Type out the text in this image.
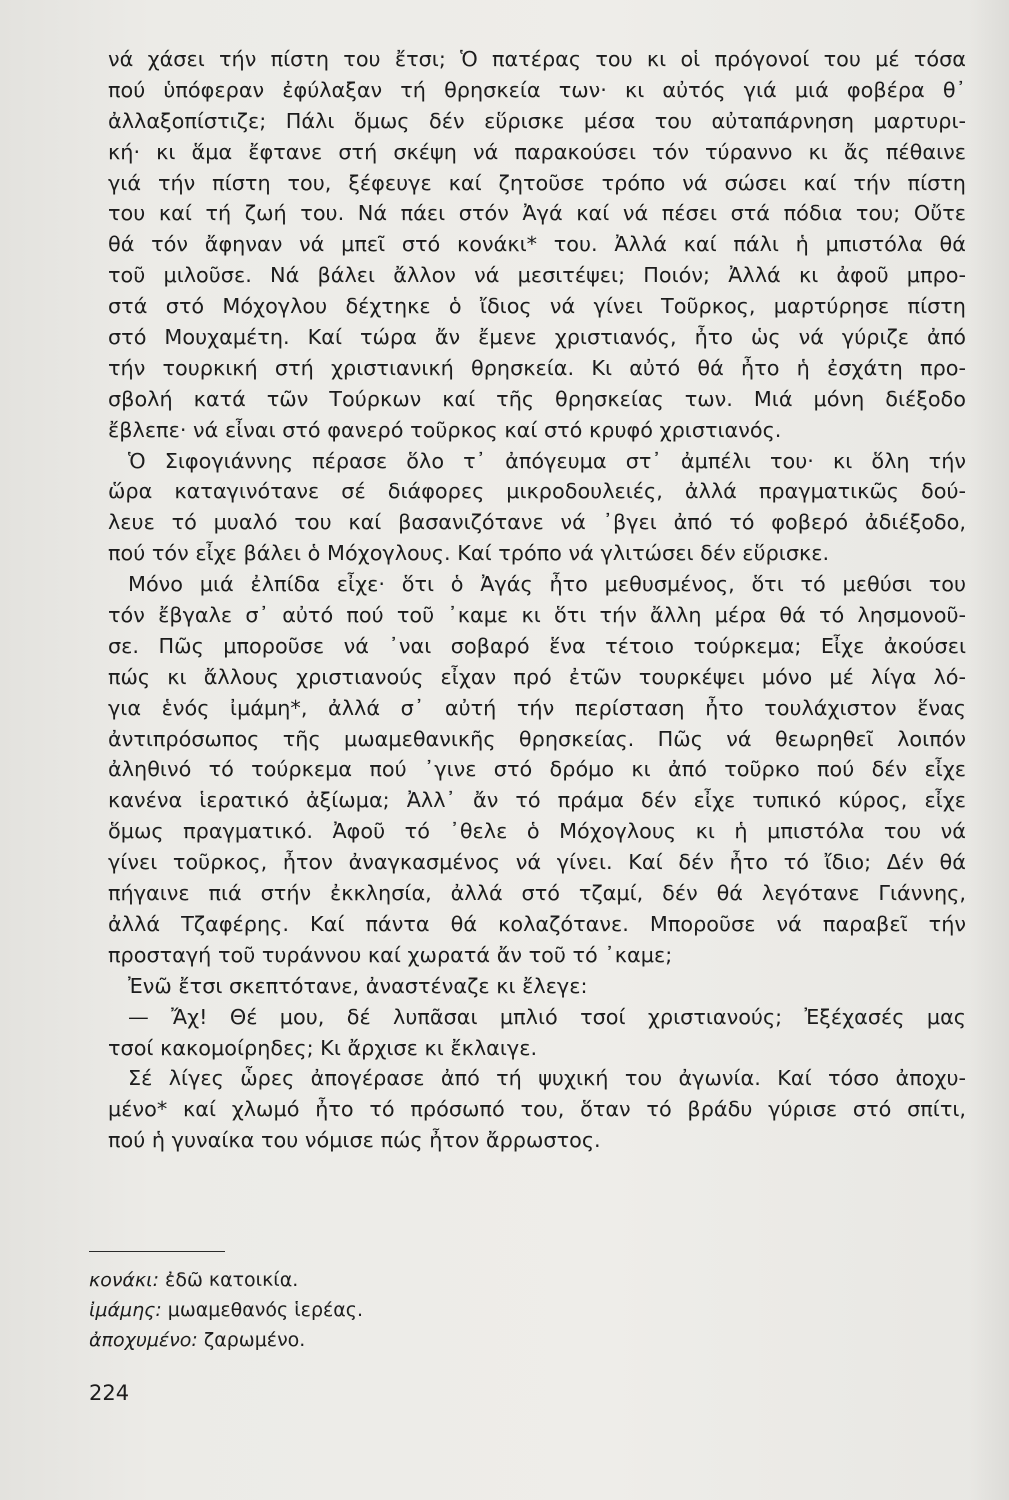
νά χάσει τήν πίστη του ἔτσι; Ὁ πατέρας του κι οἱ πρόγονοί του μέ τόσα
πού ὑπόφεραν ἐφύλαξαν τή θρησκεία των· κι αὐτός γιά μιά φοβέρα θ᾽
ἀλλαξοπίστιζε; Πάλι ὅμως δέν εὕρισκε μέσα του αὐταπάρνηση μαρτυρι-
κή· κι ἅμα ἔφτανε στή σκέψη νά παρακούσει τόν τύραννο κι ἄς πέθαινε
γιά τήν πίστη του, ξέφευγε καί ζητοῦσε τρόπο νά σώσει καί τήν πίστη
του καί τή ζωή του. Νά πάει στόν Ἀγά καί νά πέσει στά πόδια του; Οὔτε
θά τόν ἄφηναν νά μπεῖ στό κονάκι* του. Ἀλλά καί πάλι ἡ μπιστόλα θά
τοῦ μιλοῦσε. Νά βάλει ἄλλον νά μεσιτέψει; Ποιόν; Ἀλλά κι ἀφοῦ μπρο-
στά στό Μόχογλου δέχτηκε ὁ ἴδιος νά γίνει Τοῦρκος, μαρτύρησε πίστη
στό Μουχαμέτη. Καί τώρα ἄν ἔμενε χριστιανός, ἦτο ὡς νά γύριζε ἀπό
τήν τουρκική στή χριστιανική θρησκεία. Κι αὐτό θά ἦτο ἡ ἐσχάτη προ-
σβολή κατά τῶν Τούρκων καί τῆς θρησκείας των. Μιά μόνη διέξοδο
ἔβλεπε· νά εἶναι στό φανερό τοῦρκος καί στό κρυφό χριστιανός.
Ὁ Σιφογιάννης πέρασε ὅλο τ᾽ ἀπόγευμα στ᾽ ἀμπέλι του· κι ὅλη τήν
ὥρα καταγινότανε σέ διάφορες μικροδουλειές, ἀλλά πραγματικῶς δού-
λευε τό μυαλό του καί βασανιζότανε νά ᾽βγει ἀπό τό φοβερό ἀδιέξοδο,
πού τόν εἶχε βάλει ὁ Μόχογλους. Καί τρόπο νά γλιτώσει δέν εὕρισκε.
Μόνο μιά ἐλπίδα εἶχε· ὅτι ὁ Ἀγάς ἦτο μεθυσμένος, ὅτι τό μεθύσι του
τόν ἔβγαλε σ᾽ αὐτό πού τοῦ ᾽καμε κι ὅτι τήν ἄλλη μέρα θά τό λησμονοῦ-
σε. Πῶς μποροῦσε νά ᾽ναι σοβαρό ἕνα τέτοιο τούρκεμα; Εἶχε ἀκούσει
πώς κι ἄλλους χριστιανούς εἶχαν πρό ἐτῶν τουρκέψει μόνο μέ λίγα λό-
για ἑνός ἰμάμη*, ἀλλά σ᾽ αὐτή τήν περίσταση ἦτο τουλάχιστον ἕνας
ἀντιπρόσωπος τῆς μωαμεθανικῆς θρησκείας. Πῶς νά θεωρηθεῖ λοιπόν
ἀληθινό τό τούρκεμα πού ᾽γινε στό δρόμο κι ἀπό τοῦρκο πού δέν εἶχε
κανένα ἱερατικό ἀξίωμα; Ἀλλ᾽ ἄν τό πράμα δέν εἶχε τυπικό κύρος, εἶχε
ὅμως πραγματικό. Ἀφοῦ τό ᾽θελε ὁ Μόχογλους κι ἡ μπιστόλα του νά
γίνει τοῦρκος, ἦτον ἀναγκασμένος νά γίνει. Καί δέν ἦτο τό ἴδιο; Δέν θά
πήγαινε πιά στήν ἐκκλησία, ἀλλά στό τζαμί, δέν θά λεγότανε Γιάννης,
ἀλλά Τζαφέρης. Καί πάντα θά κολαζότανε. Μποροῦσε νά παραβεῖ τήν
προσταγή τοῦ τυράννου καί χωρατά ἄν τοῦ τό ᾽καμε;
Ἐνῶ ἔτσι σκεπτότανε, ἀναστέναζε κι ἔλεγε:
— Ἄχ! Θέ μου, δέ λυπᾶσαι μπλιό τσοί χριστιανούς; Ἐξέχασές μας
τσοί κακομοίρηδες; Κι ἄρχισε κι ἔκλαιγε.
Σέ λίγες ὧρες ἀπογέρασε ἀπό τή ψυχική του ἀγωνία. Καί τόσο ἀποχυ-
μένο* καί χλωμό ἦτο τό πρόσωπό του, ὅταν τό βράδυ γύρισε στό σπίτι,
πού ἡ γυναίκα του νόμισε πώς ἦτον ἄρρωστος.
κονάκι: ἐδῶ κατοικία.
ἰμάμης: μωαμεθανός ἱερέας.
ἀποχυμένο: ζαρωμένο.
224
